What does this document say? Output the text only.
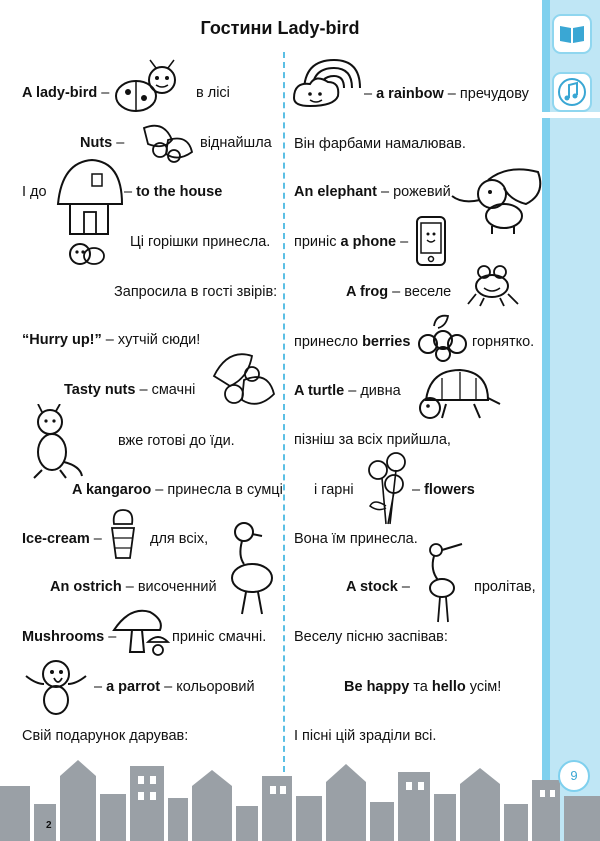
Гостини Lady-bird
A lady-bird –	в лісі
Nuts –	віднайшла
І до	– to the house
Ці горішки принесла.
Запросила в гості звірів:
“Hurry up!” – хутчій сюди!
Tasty nuts – смачні
вже готові до їди.
A kangaroo – принесла в сумці
Ice-cream –	для всіх,
An ostrich – височенний
Mushrooms –	приніс смачні.
– a parrot – кольоровий
Свій подарунок дарував:
– a rainbow – пречудову
Він фарбами намалював.
An elephant – рожевий
приніс a phone –
A frog – веселе
принесло berries	горнятко.
A turtle – дивна
пізніш за всіх прийшла,
і гарні	– flowers
Вона їм принесла.
A stock –	пролітав,
Веселу пісню заспівав:
Be happy та hello усім!
І пісні цій зраділи всі.
2
9
